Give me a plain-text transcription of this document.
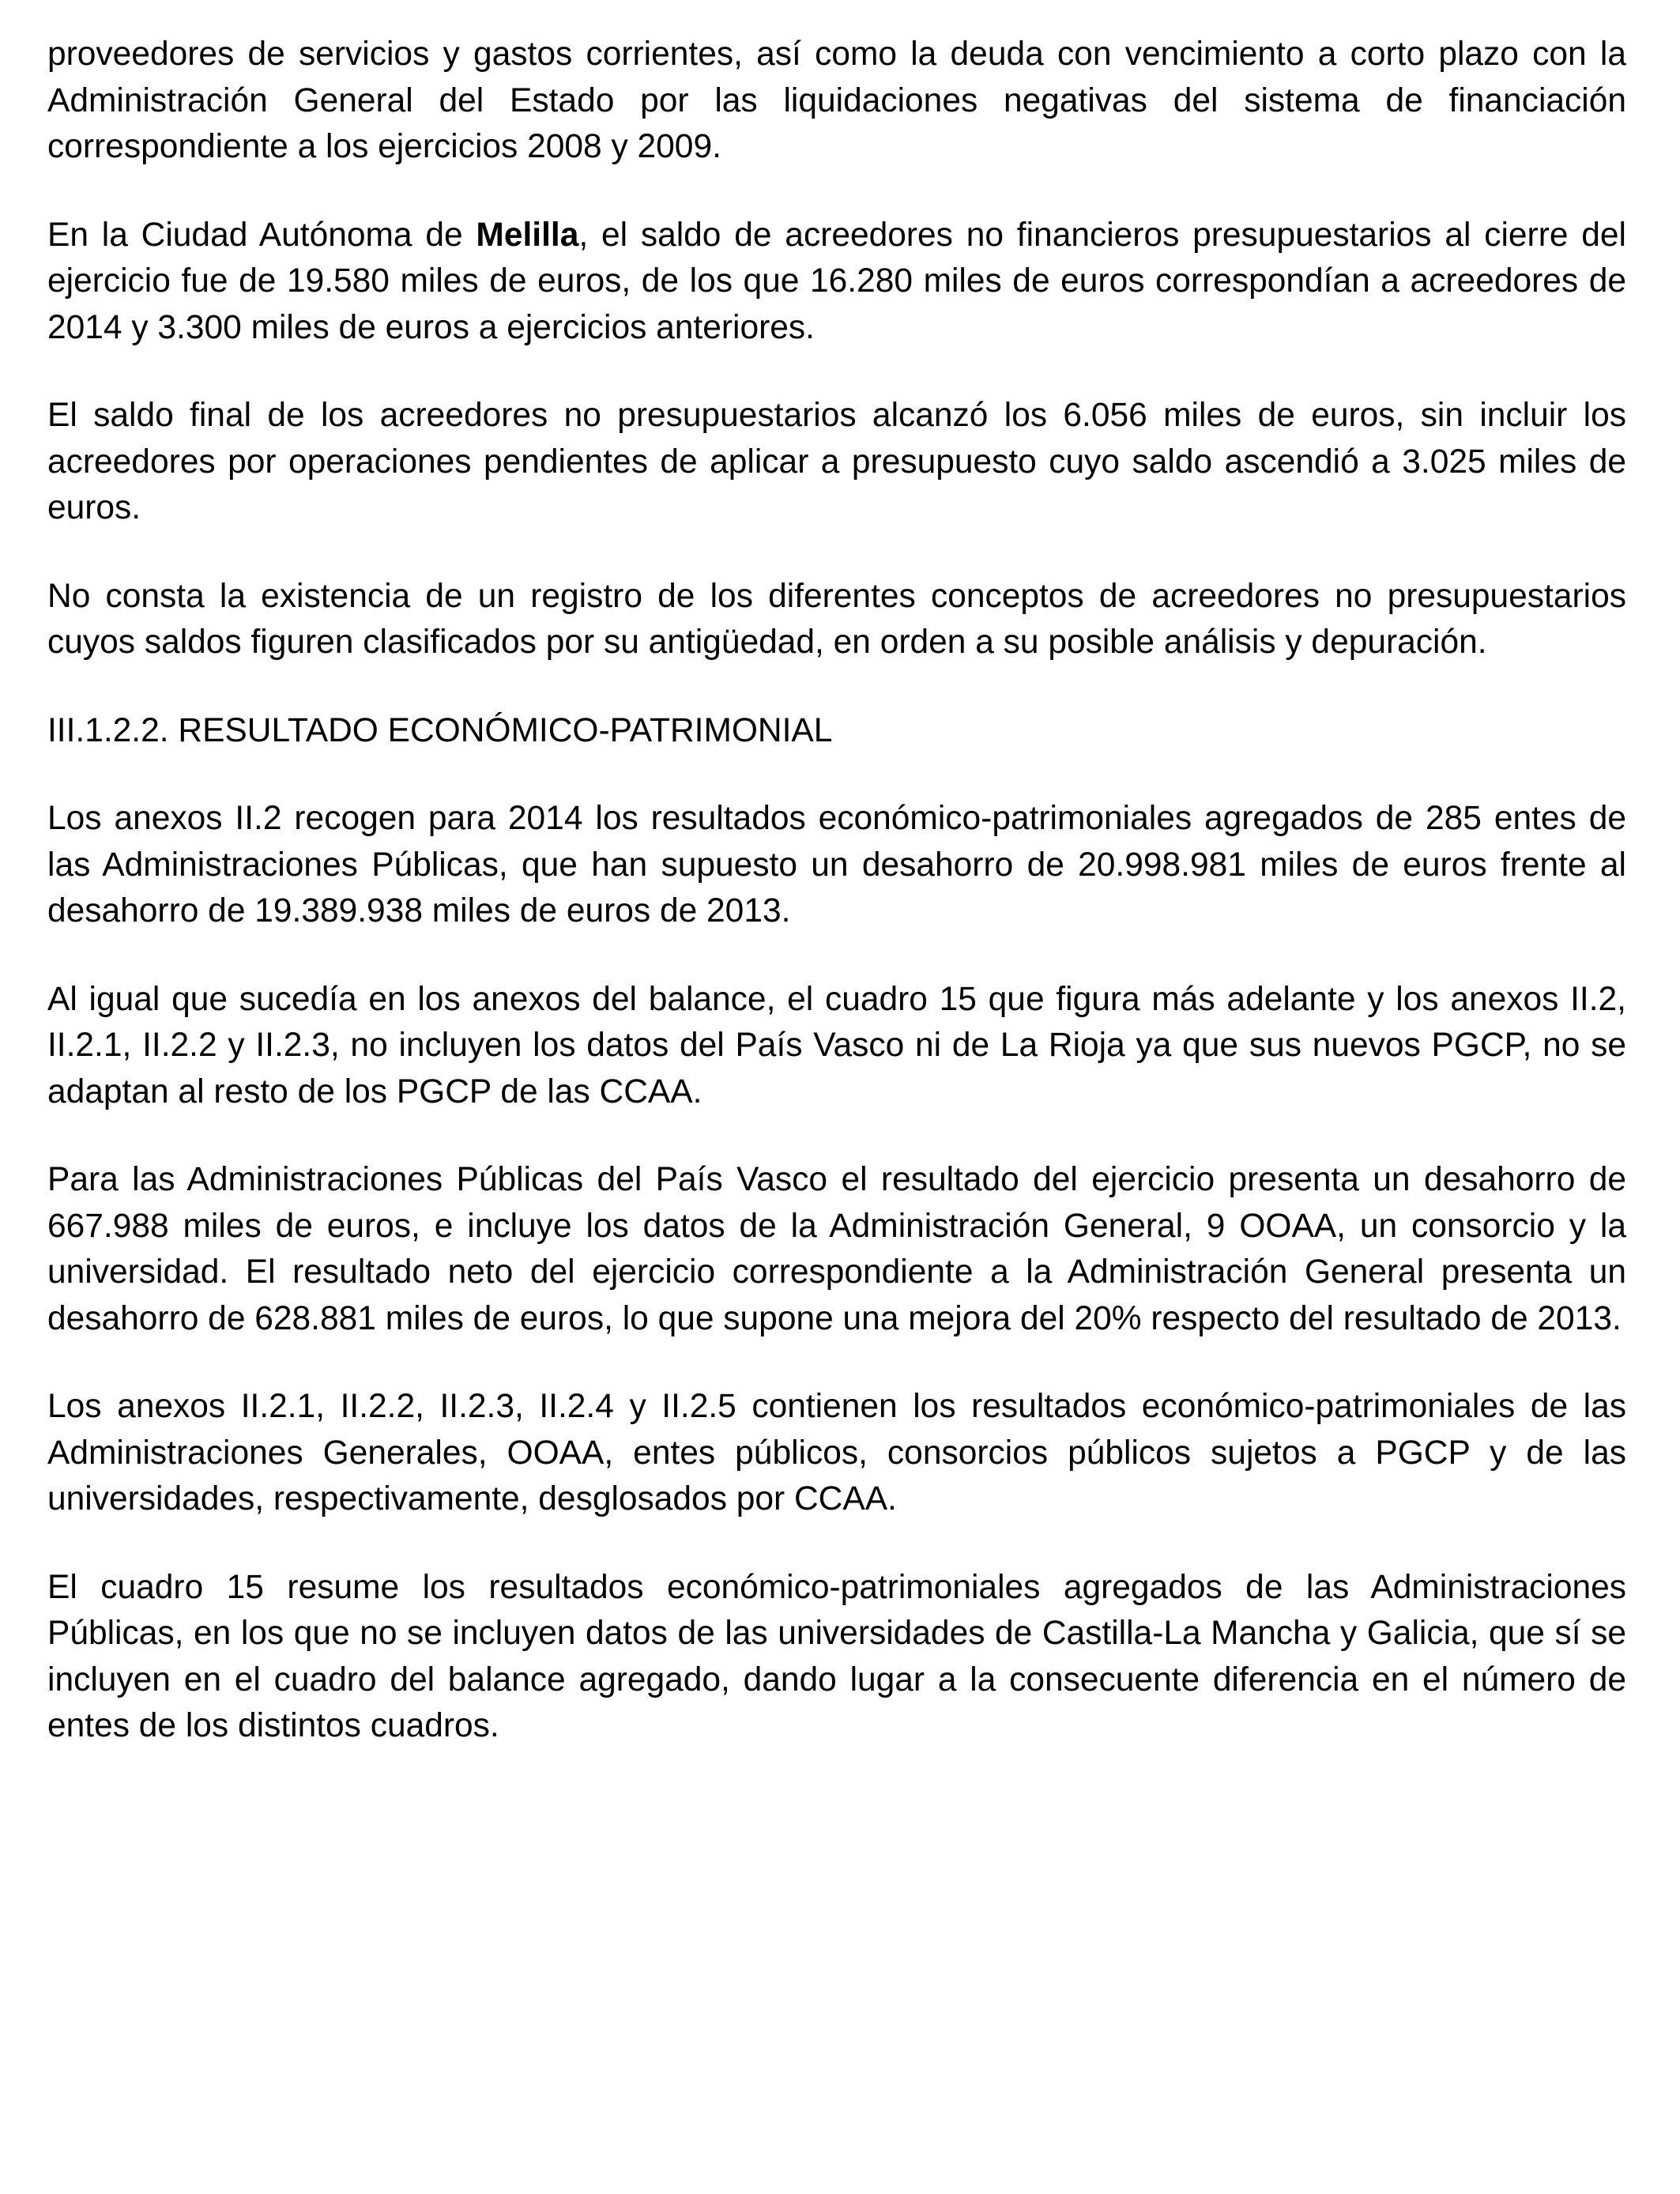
proveedores de servicios y gastos corrientes, así como la deuda con vencimiento a corto plazo con la Administración General del Estado por las liquidaciones negativas del sistema de financiación correspondiente a los ejercicios 2008 y 2009.

En la Ciudad Autónoma de Melilla, el saldo de acreedores no financieros presupuestarios al cierre del ejercicio fue de 19.580 miles de euros, de los que 16.280 miles de euros correspondían a acreedores de 2014 y 3.300 miles de euros a ejercicios anteriores.

El saldo final de los acreedores no presupuestarios alcanzó los 6.056 miles de euros, sin incluir los acreedores por operaciones pendientes de aplicar a presupuesto cuyo saldo ascendió a 3.025 miles de euros.

No consta la existencia de un registro de los diferentes conceptos de acreedores no presupuestarios cuyos saldos figuren clasificados por su antigüedad, en orden a su posible análisis y depuración.

III.1.2.2. RESULTADO ECONÓMICO-PATRIMONIAL

Los anexos II.2 recogen para 2014 los resultados económico-patrimoniales agregados de 285 entes de las Administraciones Públicas, que han supuesto un desahorro de 20.998.981 miles de euros frente al desahorro de 19.389.938 miles de euros de 2013.

Al igual que sucedía en los anexos del balance, el cuadro 15 que figura más adelante y los anexos II.2, II.2.1, II.2.2 y II.2.3, no incluyen los datos del País Vasco ni de La Rioja ya que sus nuevos PGCP, no se adaptan al resto de los PGCP de las CCAA.

Para las Administraciones Públicas del País Vasco el resultado del ejercicio presenta un desahorro de 667.988 miles de euros, e incluye los datos de la Administración General, 9 OOAA, un consorcio y la universidad. El resultado neto del ejercicio correspondiente a la Administración General presenta un desahorro de 628.881 miles de euros, lo que supone una mejora del 20% respecto del resultado de 2013.

Los anexos II.2.1, II.2.2, II.2.3, II.2.4 y II.2.5 contienen los resultados económico-patrimoniales de las Administraciones Generales, OOAA, entes públicos, consorcios públicos sujetos a PGCP y de las universidades, respectivamente, desglosados por CCAA.

El cuadro 15 resume los resultados económico-patrimoniales agregados de las Administraciones Públicas, en los que no se incluyen datos de las universidades de Castilla-La Mancha y Galicia, que sí se incluyen en el cuadro del balance agregado, dando lugar a la consecuente diferencia en el número de entes de los distintos cuadros.
